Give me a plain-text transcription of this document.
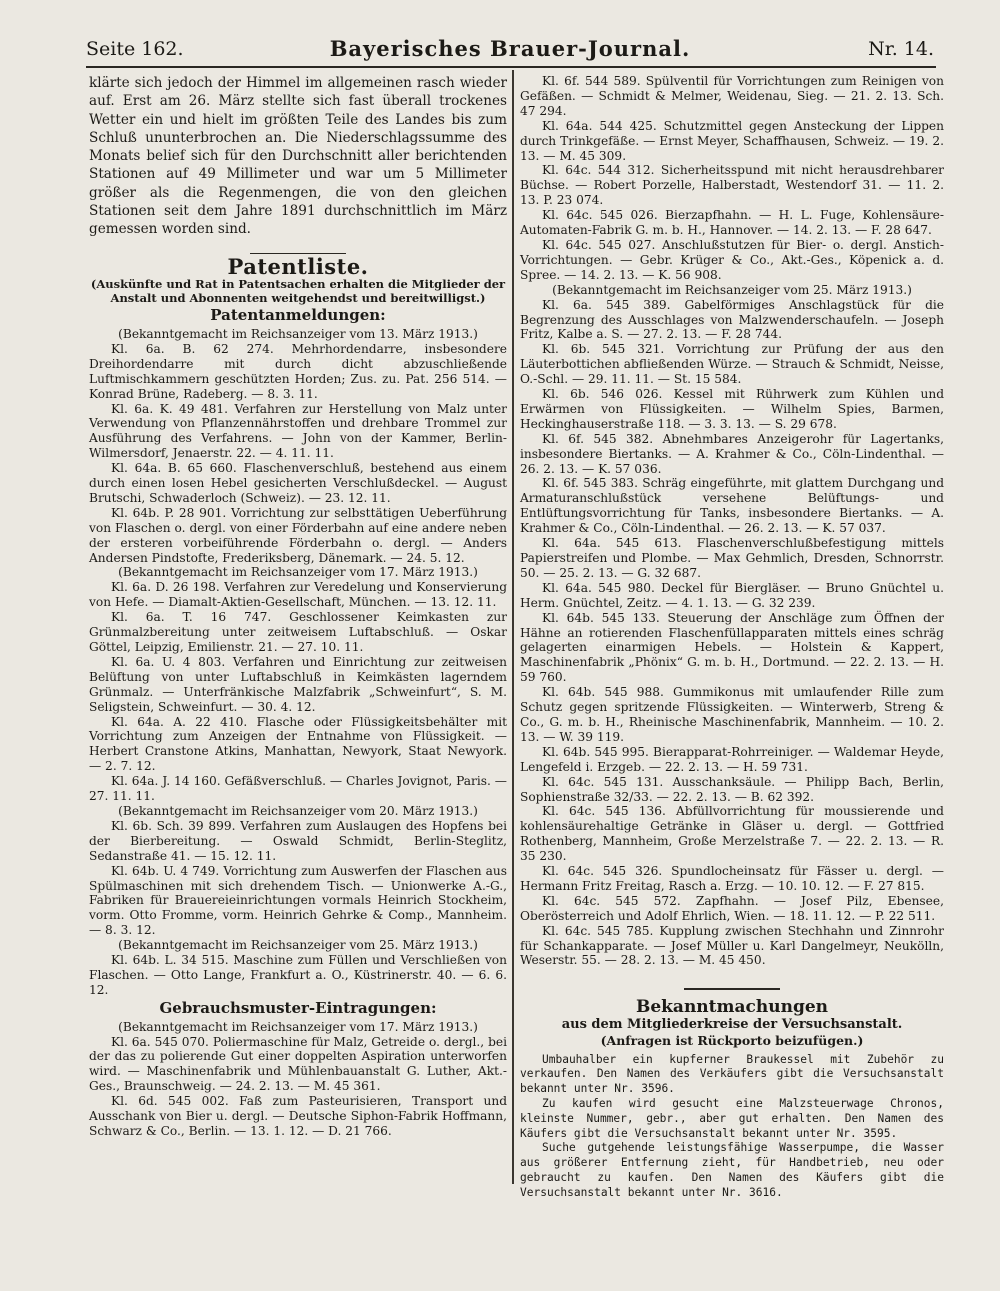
Seite 162.	Bayerisches Brauer-Journal.	Nr. 14.

klärte sich jedoch der Himmel im allgemeinen rasch wieder auf. Erst am 26. März stellte sich fast überall trockenes Wetter ein und hielt im größten Teile des Landes bis zum Schluß ununterbrochen an. Die Niederschlagssumme des Monats belief sich für den Durchschnitt aller berichtenden Stationen auf 49 Millimeter und war um 5 Millimeter größer als die Regenmengen, die von den gleichen Stationen seit dem Jahre 1891 durchschnittlich im März gemessen worden sind.

Patentliste.
(Auskünfte und Rat in Patentsachen erhalten die Mitglieder der Anstalt und Abonnenten weitgehendst und bereitwilligst.)
Patentanmeldungen:

(Bekanntgemacht im Reichsanzeiger vom 13. März 1913.)

Kl. 6a. B. 62 274. Mehrhordendarre, insbesondere Dreihordendarre mit durch dicht abzuschließende Luftmischkammern geschützten Horden; Zus. zu. Pat. 256 514. — Konrad Brüne, Radeberg. — 8. 3. 11.

Kl. 6a. K. 49 481. Verfahren zur Herstellung von Malz unter Verwendung von Pflanzennährstoffen und drehbare Trommel zur Ausführung des Verfahrens. — John von der Kammer, Berlin-Wilmersdorf, Jenaerstr. 22. — 4. 11. 11.

Kl. 64a. B. 65 660. Flaschenverschluß, bestehend aus einem durch einen losen Hebel gesicherten Verschlußdeckel. — August Brutschi, Schwaderloch (Schweiz). — 23. 12. 11.

Kl. 64b. P. 28 901. Vorrichtung zur selbsttätigen Ueberführung von Flaschen o. dergl. von einer Förderbahn auf eine andere neben der ersteren vorbeiführende Förderbahn o. dergl. — Anders Andersen Pindstofte, Frederiksberg, Dänemark. — 24. 5. 12.

(Bekanntgemacht im Reichsanzeiger vom 17. März 1913.)

Kl. 6a. D. 26 198. Verfahren zur Veredelung und Konservierung von Hefe. — Diamalt-Aktien-Gesellschaft, München. — 13. 12. 11.

Kl. 6a. T. 16 747. Geschlossener Keimkasten zur Grünmalzbereitung unter zeitweisem Luftabschluß. — Oskar Göttel, Leipzig, Emilienstr. 21. — 27. 10. 11.

Kl. 6a. U. 4 803. Verfahren und Einrichtung zur zeitweisen Belüftung von unter Luftabschluß in Keimkästen lagerndem Grünmalz. — Unterfränkische Malzfabrik „Schweinfurt“, S. M. Seligstein, Schweinfurt. — 30. 4. 12.

Kl. 64a. A. 22 410. Flasche oder Flüssigkeitsbehälter mit Vorrichtung zum Anzeigen der Entnahme von Flüssigkeit. — Herbert Cranstone Atkins, Manhattan, Newyork, Staat Newyork. — 2. 7. 12.

Kl. 64a. J. 14 160. Gefäßverschluß. — Charles Jovignot, Paris. — 27. 11. 11.

(Bekanntgemacht im Reichsanzeiger vom 20. März 1913.)

Kl. 6b. Sch. 39 899. Verfahren zum Auslaugen des Hopfens bei der Bierbereitung. — Oswald Schmidt, Berlin-Steglitz, Sedanstraße 41. — 15. 12. 11.

Kl. 64b. U. 4 749. Vorrichtung zum Auswerfen der Flaschen aus Spülmaschinen mit sich drehendem Tisch. — Unionwerke A.-G., Fabriken für Brauereieinrichtungen vormals Heinrich Stockheim, vorm. Otto Fromme, vorm. Heinrich Gehrke & Comp., Mannheim. — 8. 3. 12.

(Bekanntgemacht im Reichsanzeiger vom 25. März 1913.)

Kl. 64b. L. 34 515. Maschine zum Füllen und Verschließen von Flaschen. — Otto Lange, Frankfurt a. O., Küstrinerstr. 40. — 6. 6. 12.

Gebrauchsmuster-Eintragungen:

(Bekanntgemacht im Reichsanzeiger vom 17. März 1913.)

Kl. 6a. 545 070. Poliermaschine für Malz, Getreide o. dergl., bei der das zu polierende Gut einer doppelten Aspiration unterworfen wird. — Maschinenfabrik und Mühlenbauanstalt G. Luther, Akt.-Ges., Braunschweig. — 24. 2. 13. — M. 45 361.

Kl. 6d. 545 002. Faß zum Pasteurisieren, Transport und Ausschank von Bier u. dergl. — Deutsche Siphon-Fabrik Hoffmann, Schwarz & Co., Berlin. — 13. 1. 12. — D. 21 766.

Kl. 6f. 544 589. Spülventil für Vorrichtungen zum Reinigen von Gefäßen. — Schmidt & Melmer, Weidenau, Sieg. — 21. 2. 13. Sch. 47 294.

Kl. 64a. 544 425. Schutzmittel gegen Ansteckung der Lippen durch Trinkgefäße. — Ernst Meyer, Schaffhausen, Schweiz. — 19. 2. 13. — M. 45 309.

Kl. 64c. 544 312. Sicherheitsspund mit nicht herausdrehbarer Büchse. — Robert Porzelle, Halberstadt, Westendorf 31. — 11. 2. 13. P. 23 074.

Kl. 64c. 545 026. Bierzapfhahn. — H. L. Fuge, Kohlensäure-Automaten-Fabrik G. m. b. H., Hannover. — 14. 2. 13. — F. 28 647.

Kl. 64c. 545 027. Anschlußstutzen für Bier- o. dergl. Anstich-Vorrichtungen. — Gebr. Krüger & Co., Akt.-Ges., Köpenick a. d. Spree. — 14. 2. 13. — K. 56 908.

(Bekanntgemacht im Reichsanzeiger vom 25. März 1913.)

Kl. 6a. 545 389. Gabelförmiges Anschlagstück für die Begrenzung des Ausschlages von Malzwenderschaufeln. — Joseph Fritz, Kalbe a. S. — 27. 2. 13. — F. 28 744.

Kl. 6b. 545 321. Vorrichtung zur Prüfung der aus den Läuterbottichen abfließenden Würze. — Strauch & Schmidt, Neisse, O.-Schl. — 29. 11. 11. — St. 15 584.

Kl. 6b. 546 026. Kessel mit Rührwerk zum Kühlen und Erwärmen von Flüssigkeiten. — Wilhelm Spies, Barmen, Heckinghauserstraße 118. — 3. 3. 13. — S. 29 678.

Kl. 6f. 545 382. Abnehmbares Anzeigerohr für Lagertanks, insbesondere Biertanks. — A. Krahmer & Co., Cöln-Lindenthal. — 26. 2. 13. — K. 57 036.

Kl. 6f. 545 383. Schräg eingeführte, mit glattem Durchgang und Armaturanschlußstück versehene Belüftungs- und Entlüftungsvorrichtung für Tanks, insbesondere Biertanks. — A. Krahmer & Co., Cöln-Lindenthal. — 26. 2. 13. — K. 57 037.

Kl. 64a. 545 613. Flaschenverschlußbefestigung mittels Papierstreifen und Plombe. — Max Gehmlich, Dresden, Schnorrstr. 50. — 25. 2. 13. — G. 32 687.

Kl. 64a. 545 980. Deckel für Biergläser. — Bruno Gnüchtel u. Herm. Gnüchtel, Zeitz. — 4. 1. 13. — G. 32 239.

Kl. 64b. 545 133. Steuerung der Anschläge zum Öffnen der Hähne an rotierenden Flaschenfüllapparaten mittels eines schräg gelagerten einarmigen Hebels. — Holstein & Kappert, Maschinenfabrik „Phönix“ G. m. b. H., Dortmund. — 22. 2. 13. — H. 59 760.

Kl. 64b. 545 988. Gummikonus mit umlaufender Rille zum Schutz gegen spritzende Flüssigkeiten. — Winterwerb, Streng & Co., G. m. b. H., Rheinische Maschinenfabrik, Mannheim. — 10. 2. 13. — W. 39 119.

Kl. 64b. 545 995. Bierapparat-Rohrreiniger. — Waldemar Heyde, Lengefeld i. Erzgeb. — 22. 2. 13. — H. 59 731.

Kl. 64c. 545 131. Ausschanksäule. — Philipp Bach, Berlin, Sophienstraße 32/33. — 22. 2. 13. — B. 62 392.

Kl. 64c. 545 136. Abfüllvorrichtung für moussierende und kohlensäurehaltige Getränke in Gläser u. dergl. — Gottfried Rothenberg, Mannheim, Große Merzelstraße 7. — 22. 2. 13. — R. 35 230.

Kl. 64c. 545 326. Spundlocheinsatz für Fässer u. dergl. — Hermann Fritz Freitag, Rasch a. Erzg. — 10. 10. 12. — F. 27 815.

Kl. 64c. 545 572. Zapfhahn. — Josef Pilz, Ebensee, Oberösterreich und Adolf Ehrlich, Wien. — 18. 11. 12. — P. 22 511.

Kl. 64c. 545 785. Kupplung zwischen Stechhahn und Zinnrohr für Schankapparate. — Josef Müller u. Karl Dangelmeyr, Neukölln, Weserstr. 55. — 28. 2. 13. — M. 45 450.

Bekanntmachungen
aus dem Mitgliederkreise der Versuchsanstalt.
(Anfragen ist Rückporto beizufügen.)

Umbauhalber ein kupferner Braukessel mit Zubehör zu verkaufen. Den Namen des Verkäufers gibt die Versuchsanstalt bekannt unter Nr. 3596.

Zu kaufen wird gesucht eine Malzsteuerwage Chronos, kleinste Nummer, gebr., aber gut erhalten. Den Namen des Käufers gibt die Versuchsanstalt bekannt unter Nr. 3595.

Suche gutgehende leistungsfähige Wasserpumpe, die Wasser aus größerer Entfernung zieht, für Handbetrieb, neu oder gebraucht zu kaufen. Den Namen des Käufers gibt die Versuchsanstalt bekannt unter Nr. 3616.
